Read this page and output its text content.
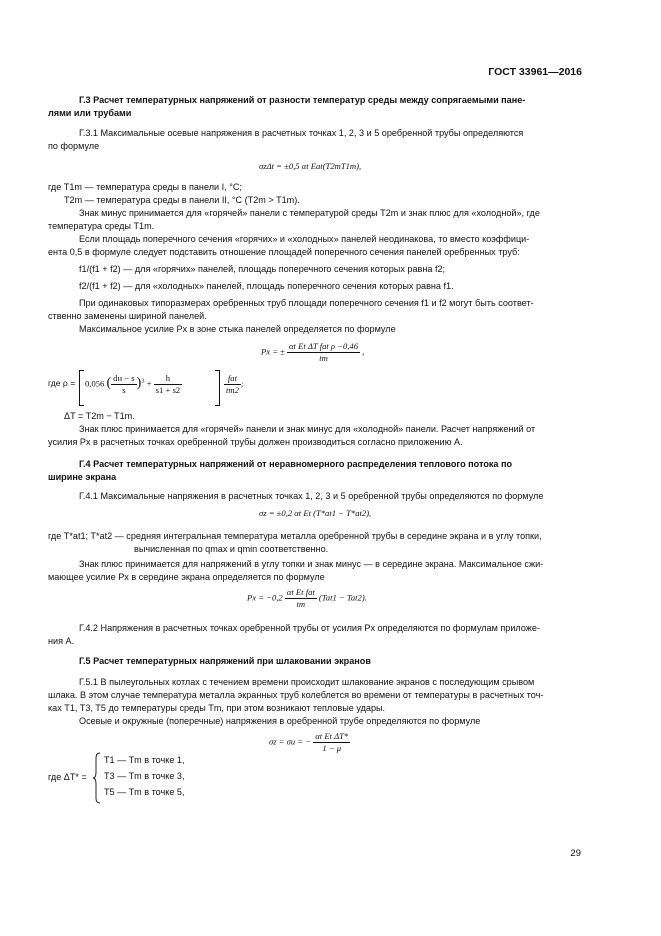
ГОСТ 33961—2016
Г.3 Расчет температурных напряжений от разности температур среды между сопрягаемыми пане-
лями или трубами
Г.3.1 Максимальные осевые напряжения в расчетных точках 1, 2, 3 и 5 оребренной трубы определяются
по формуле
σzΔt = ±0,5 αt Eat(T2mT1m),
где T1m — температура среды в панели I, °C;
T2m — температура среды в панели II, °C (T2m > T1m).
Знак минус принимается для «горячей» панели с температурой среды T2m и знак плюс для «холодной», где
температура среды T1m.
Если площадь поперечного сечения «горячих» и «холодных» панелей неодинакова, то вместо коэффици-
ента 0,5 в формуле следует подставить отношение площадей поперечного сечения панелей оребренных труб:
f1/(f1 + f2) — для «горячих» панелей, площадь поперечного сечения которых равна f2;
f2/(f1 + f2) — для «холодных» панелей, площадь поперечного сечения которых равна f1.
При одинаковых типоразмерах оребренных труб площади поперечного сечения f1 и f2 могут быть соответ-
ственно заменены шириной панелей.
Максимальное усилие Px в зоне стыка панелей определяется по формуле
Px = ± $\frac{\text{αt Et ΔT fat ρ −0,46}}{tm}$ ,
где ρ = 0,056 ( $\frac{dн - s}{s} )^3 + \frac{h}{s1 + s2}$	$\frac{\text{fat}}{tm2}$ ;
ΔT = T2m − T1m.
Знак плюс принимается для «горячей» панели и знак минус для «холодной» панели. Расчет напряжений от
усилия Px в расчетных точках оребренной трубы должен производиться согласно приложению А.
Г.4 Расчет температурных напряжений от неравномерного распределения теплового потока по
ширине экрана
Г.4.1 Максимальные напряжения в расчетных точках 1, 2, 3 и 5 оребренной трубы определяются по формуле
σz = ±0,2 αt Et (T*at1 − T*at2),
где T*at1; T*at2 — средняя интегральная температура металла оребренной трубы в середине экрана и в углу топки,
вычисленная по qmax и qmin соответственно.
Знак плюс принимается для напряжений в углу топки и знак минус — в середине экрана. Максимальное сжи-
мающее усилие Px в середине экрана определяется по формуле
$Px = -0,2 \frac{\text{αt Et fat}}{tm} (Tat1 - Tat2)$.
Г.4.2 Напряжения в расчетных точках оребренной трубы от усилия Px определяются по формулам приложе-
ния А.
Г.5 Расчет температурных напряжений при шлаковании экранов
Г.5.1 В пылеугольных котлах с течением времени происходит шлакование экранов с последующим срывом
шлака. В этом случае температура металла экранных труб колеблется во времени от температуры в расчетных точ-
ках T1, T3, T5 до температуры среды Tm, при этом возникают тепловые удары.
Осевые и окружные (поперечные) напряжения в оребренной трубе определяются по формуле
σz = σu = − $\frac{\text{αt Et ΔT*}}{1 - \mu}$
где ΔT* =
T1 — Tm в точке 1,
T3 — Tm в точке 3,
T5 — Tm в точке 5,
29
